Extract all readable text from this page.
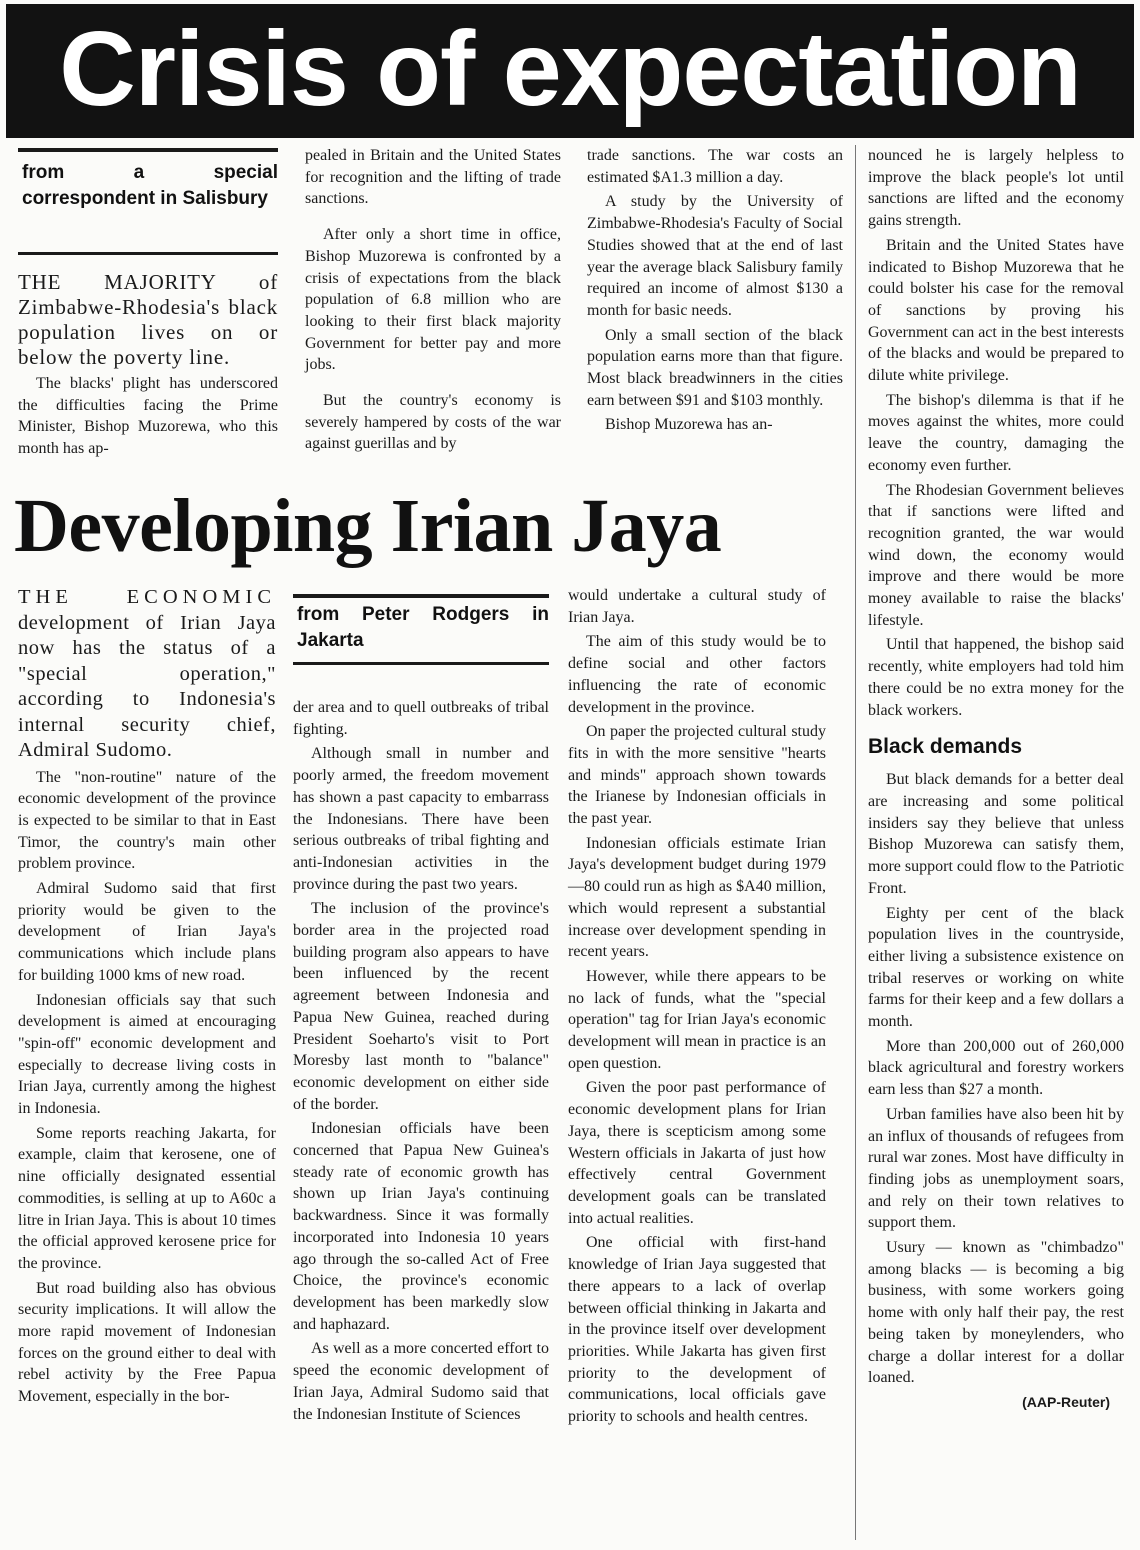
Crisis of expectation
from a special correspondent in Salisbury

THE MAJORITY of Zimbabwe-Rhodesia's black population lives on or below the poverty line.

The blacks' plight has underscored the difficulties facing the Prime Minister, Bishop Muzorewa, who this month has ap-

pealed in Britain and the United States for recognition and the lifting of trade sanctions.

After only a short time in office, Bishop Muzorewa is confronted by a crisis of expectations from the black population of 6.8 million who are looking to their first black majority Government for better pay and more jobs.

But the country's economy is severely hampered by costs of the war against guerillas and by

trade sanctions. The war costs an estimated $A1.3 million a day.

A study by the University of Zimbabwe-Rhodesia's Faculty of Social Studies showed that at the end of last year the average black Salisbury family required an income of almost $130 a month for basic needs.

Only a small section of the black population earns more than that figure. Most black breadwinners in the cities earn between $91 and $103 monthly.

Bishop Muzorewa has an-

nounced he is largely helpless to improve the black people's lot until sanctions are lifted and the economy gains strength.

Britain and the United States have indicated to Bishop Muzorewa that he could bolster his case for the removal of sanctions by proving his Government can act in the best interests of the blacks and would be prepared to dilute white privilege.

The bishop's dilemma is that if he moves against the whites, more could leave the country, damaging the economy even further.

The Rhodesian Government believes that if sanctions were lifted and recognition granted, the war would wind down, the economy would improve and there would be more money available to raise the blacks' lifestyle.

Until that happened, the bishop said recently, white employers had told him there could be no extra money for the black workers.

Black demands

But black demands for a better deal are increasing and some political insiders say they believe that unless Bishop Muzorewa can satisfy them, more support could flow to the Patriotic Front.

Eighty per cent of the black population lives in the countryside, either living a subsistence existence on tribal reserves or working on white farms for their keep and a few dollars a month.

More than 200,000 out of 260,000 black agricultural and forestry workers earn less than $27 a month.

Urban families have also been hit by an influx of thousands of refugees from rural war zones. Most have difficulty in finding jobs as unemployment soars, and rely on their town relatives to support them.

Usury — known as "chimbadzo" among blacks — is becoming a big business, with some workers going home with only half their pay, the rest being taken by moneylenders, who charge a dollar interest for a dollar loaned.

(AAP-Reuter)
Developing Irian Jaya

THE ECONOMIC development of Irian Jaya now has the status of a "special operation," according to Indonesia's internal security chief, Admiral Sudomo.

The "non-routine" nature of the economic development of the province is expected to be similar to that in East Timor, the country's main other problem province.

Admiral Sudomo said that first priority would be given to the development of Irian Jaya's communications which include plans for building 1000 kms of new road.

Indonesian officials say that such development is aimed at encouraging "spin-off" economic development and especially to decrease living costs in Irian Jaya, currently among the highest in Indonesia.

Some reports reaching Jakarta, for example, claim that kerosene, one of nine officially designated essential commodities, is selling at up to A60c a litre in Irian Jaya. This is about 10 times the official approved kerosene price for the province.

But road building also has obvious security implications. It will allow the more rapid movement of Indonesian forces on the ground either to deal with rebel activity by the Free Papua Movement, especially in the bor-

from Peter Rodgers in Jakarta

der area and to quell outbreaks of tribal fighting.

Although small in number and poorly armed, the freedom movement has shown a past capacity to embarrass the Indonesians. There have been serious outbreaks of tribal fighting and anti-Indonesian activities in the province during the past two years.

The inclusion of the province's border area in the projected road building program also appears to have been influenced by the recent agreement between Indonesia and Papua New Guinea, reached during President Soeharto's visit to Port Moresby last month to "balance" economic development on either side of the border.

Indonesian officials have been concerned that Papua New Guinea's steady rate of economic growth has shown up Irian Jaya's continuing backwardness. Since it was formally incorporated into Indonesia 10 years ago through the so-called Act of Free Choice, the province's economic development has been markedly slow and haphazard.

As well as a more concerted effort to speed the economic development of Irian Jaya, Admiral Sudomo said that the Indonesian Institute of Sciences

would undertake a cultural study of Irian Jaya.

The aim of this study would be to define social and other factors influencing the rate of economic development in the province.

On paper the projected cultural study fits in with the more sensitive "hearts and minds" approach shown towards the Irianese by Indonesian officials in the past year.

Indonesian officials estimate Irian Jaya's development budget during 1979—80 could run as high as $A40 million, which would represent a substantial increase over development spending in recent years.

However, while there appears to be no lack of funds, what the "special operation" tag for Irian Jaya's economic development will mean in practice is an open question.

Given the poor past performance of economic development plans for Irian Jaya, there is scepticism among some Western officials in Jakarta of just how effectively central Government development goals can be translated into actual realities.

One official with first-hand knowledge of Irian Jaya suggested that there appears to a lack of overlap between official thinking in Jakarta and in the province itself over development priorities. While Jakarta has given first priority to the development of communications, local officials gave priority to schools and health centres.
